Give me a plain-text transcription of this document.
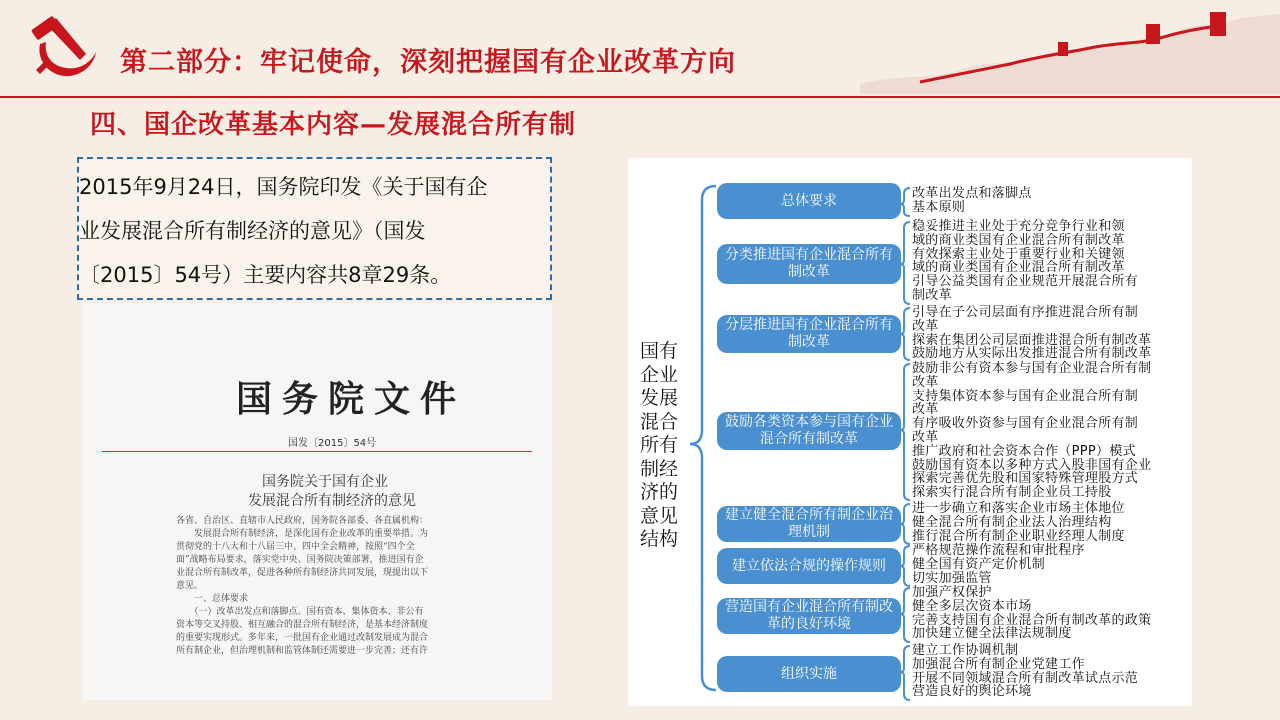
第二部分：牢记使命，深刻把握国有企业改革方向
四、国企改革基本内容—发展混合所有制
2015年9月24日，国务院印发《关于国有企
业发展混合所有制经济的意见》（国发
〔2015〕54号）主要内容共8章29条。
国务院文件
国发〔2015〕54号
国务院关于国有企业
发展混合所有制经济的意见
各省、自治区、直辖市人民政府，国务院各部委、各直属机构：
　　发展混合所有制经济，是深化国有企业改革的重要举措。为
贯彻党的十八大和十八届三中、四中全会精神，按照“四个全
面”战略布局要求，落实党中央、国务院决策部署，推进国有企
业混合所有制改革，促进各种所有制经济共同发展，现提出以下
意见。
　　一、总体要求
　　（一）改革出发点和落脚点。国有资本、集体资本、非公有
资本等交叉持股、相互融合的混合所有制经济，是基本经济制度
的重要实现形式。多年来，一批国有企业通过改制发展成为混合
所有制企业，但治理机制和监管体制还需要进一步完善；还有许
国有企业发展混合所有制经济的意见结构
总体要求
分类推进国有企业混合所有制改革
分层推进国有企业混合所有制改革
鼓励各类资本参与国有企业混合所有制改革
建立健全混合所有制企业治理机制
建立依法合规的操作规则
营造国有企业混合所有制改革的良好环境
组织实施
改革出发点和落脚点
基本原则
稳妥推进主业处于充分竞争行业和领
域的商业类国有企业混合所有制改革
有效探索主业处于重要行业和关键领
域的商业类国有企业混合所有制改革
引导公益类国有企业规范开展混合所有
制改革
引导在子公司层面有序推进混合所有制
改革
探索在集团公司层面推进混合所有制改革
鼓励地方从实际出发推进混合所有制改革
鼓励非公有资本参与国有企业混合所有制
改革
支持集体资本参与国有企业混合所有制
改革
有序吸收外资参与国有企业混合所有制
改革
推广政府和社会资本合作（PPP）模式
鼓励国有资本以多种方式入股非国有企业
探索完善优先股和国家特殊管理股方式
探索实行混合所有制企业员工持股
进一步确立和落实企业市场主体地位
健全混合所有制企业法人治理结构
推行混合所有制企业职业经理人制度
严格规范操作流程和审批程序
健全国有资产定价机制
切实加强监管
加强产权保护
健全多层次资本市场
完善支持国有企业混合所有制改革的政策
加快建立健全法律法规制度
建立工作协调机制
加强混合所有制企业党建工作
开展不同领域混合所有制改革试点示范
营造良好的舆论环境
